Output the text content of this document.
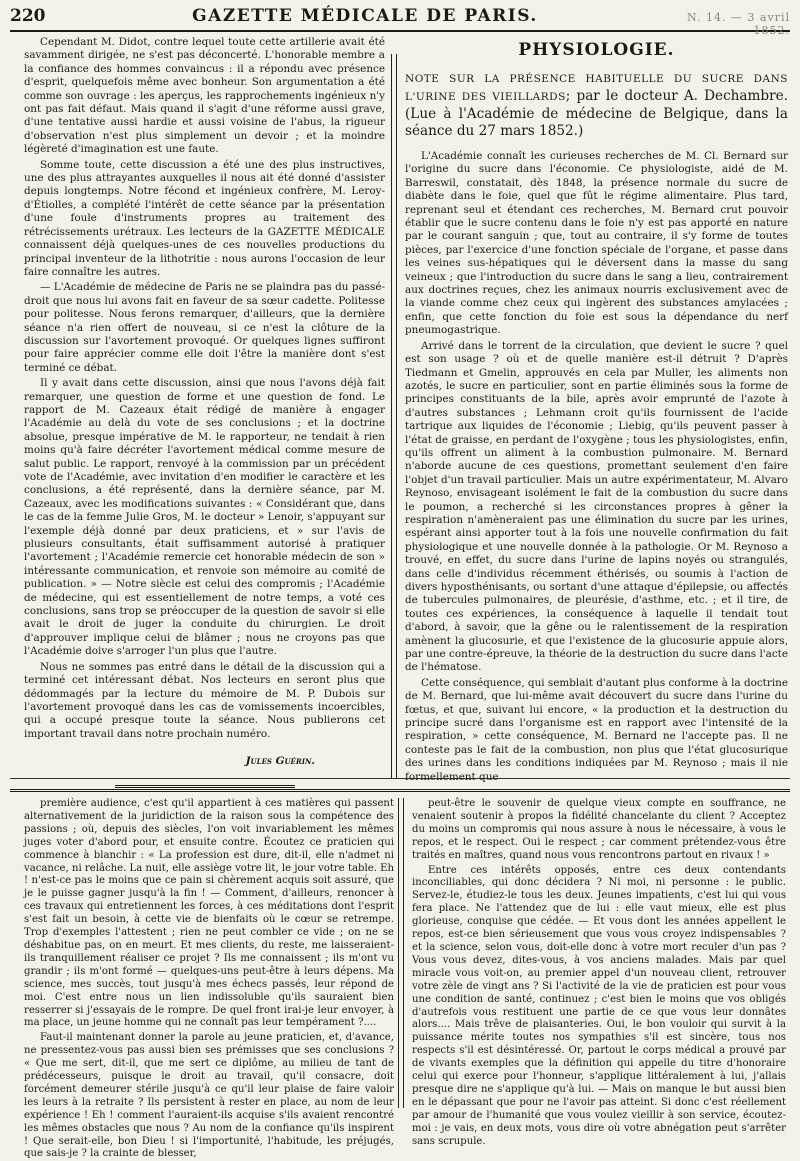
220	GAZETTE MÉDICALE DE PARIS.	N. 14. — 3 avril 1852.

Cependant M. Didot, contre lequel toute cette artillerie avait été savamment dirigée, ne s'est pas déconcerté. L'honorable membre a la confiance des hommes convaincus : il a répondu avec présence d'esprit, quelquefois même avec bonheur. Son argumentation a été comme son ouvrage : les aperçus, les rapprochements ingénieux n'y ont pas fait défaut. Mais quand il s'agit d'une réforme aussi grave, d'une tentative aussi hardie et aussi voisine de l'abus, la rigueur d'observation n'est plus simplement un devoir ; et la moindre légèreté d'imagination est une faute.

Somme toute, cette discussion a été une des plus instructives, une des plus attrayantes auxquelles il nous ait été donné d'assister depuis longtemps. Notre fécond et ingénieux confrère, M. Leroy-d'Étiolles, a complété l'intérêt de cette séance par la présentation d'une foule d'instruments propres au traitement des rétrécissements urétraux. Les lecteurs de la GAZETTE MÉDICALE connaissent déjà quelques-unes de ces nouvelles productions du principal inventeur de la lithotritie : nous aurons l'occasion de leur faire connaître les autres.

— L'Académie de médecine de Paris ne se plaindra pas du passé-droit que nous lui avons fait en faveur de sa sœur cadette. Politesse pour politesse. Nous ferons remarquer, d'ailleurs, que la dernière séance n'a rien offert de nouveau, si ce n'est la clôture de la discussion sur l'avortement provoqué. Or quelques lignes suffiront pour faire apprécier comme elle doit l'être la manière dont s'est terminé ce débat.

Il y avait dans cette discussion, ainsi que nous l'avons déjà fait remarquer, une question de forme et une question de fond. Le rapport de M. Cazeaux était rédigé de manière à engager l'Académie au delà du vote de ses conclusions ; et la doctrine absolue, presque impérative de M. le rapporteur, ne tendait à rien moins qu'à faire décréter l'avortement médical comme mesure de salut public. Le rapport, renvoyé à la commission par un précédent vote de l'Académie, avec invitation d'en modifier le caractère et les conclusions, a été représenté, dans la dernière séance, par M. Cazeaux, avec les modifications suivantes : « Considérant que, dans le cas de la femme Julie Gros, M. le docteur » Lenoir, s'appuyant sur l'exemple déjà donné par deux praticiens, et » sur l'avis de plusieurs consultants, était suffisamment autorisé à pratiquer l'avortement ; l'Académie remercie cet honorable médecin de son » intéressante communication, et renvoie son mémoire au comité de publication. » — Notre siècle est celui des compromis ; l'Académie de médecine, qui est essentiellement de notre temps, a voté ces conclusions, sans trop se préoccuper de la question de savoir si elle avait le droit de juger la conduite du chirurgien. Le droit d'approuver implique celui de blâmer ; nous ne croyons pas que l'Académie doive s'arroger l'un plus que l'autre.

Nous ne sommes pas entré dans le détail de la discussion qui a terminé cet intéressant débat. Nos lecteurs en seront plus que dédommagés par la lecture du mémoire de M. P. Dubois sur l'avortement provoqué dans les cas de vomissements incoercibles, qui a occupé presque toute la séance. Nous publierons cet important travail dans notre prochain numéro.

Jules Guérin.
PHYSIOLOGIE.
NOTE SUR LA PRÉSENCE HABITUELLE DU SUCRE DANS L'URINE DES VIEILLARDS; par le docteur A. Dechambre. (Lue à l'Académie de médecine de Belgique, dans la séance du 27 mars 1852.)

L'Académie connaît les curieuses recherches de M. Cl. Bernard sur l'origine du sucre dans l'économie. Ce physiologiste, aidé de M. Barreswil, constatait, dès 1848, la présence normale du sucre de diabète dans le foie, quel que fût le régime alimentaire. Plus tard, reprenant seul et étendant ces recherches, M. Bernard crut pouvoir établir que le sucre contenu dans le foie n'y est pas apporté en nature par le courant sanguin ; que, tout au contraire, il s'y forme de toutes pièces, par l'exercice d'une fonction spéciale de l'organe, et passe dans les veines sus-hépatiques qui le déversent dans la masse du sang veineux ; que l'introduction du sucre dans le sang a lieu, contrairement aux doctrines reçues, chez les animaux nourris exclusivement avec de la viande comme chez ceux qui ingèrent des substances amylacées ; enfin, que cette fonction du foie est sous la dépendance du nerf pneumogastrique.

Arrivé dans le torrent de la circulation, que devient le sucre ? quel est son usage ? où et de quelle manière est-il détruit ? D'après Tiedmann et Gmelin, approuvés en cela par Muller, les aliments non azotés, le sucre en particulier, sont en partie éliminés sous la forme de principes constituants de la bile, après avoir emprunté de l'azote à d'autres substances ; Lehmann croit qu'ils fournissent de l'acide tartrique aux liquides de l'économie ; Liebig, qu'ils peuvent passer à l'état de graisse, en perdant de l'oxygène ; tous les physiologistes, enfin, qu'ils offrent un aliment à la combustion pulmonaire. M. Bernard n'aborde aucune de ces questions, promettant seulement d'en faire l'objet d'un travail particulier. Mais un autre expérimentateur, M. Alvaro Reynoso, envisageant isolément le fait de la combustion du sucre dans le poumon, a recherché si les circonstances propres à gêner la respiration n'amèneraient pas une élimination du sucre par les urines, espérant ainsi apporter tout à la fois une nouvelle confirmation du fait physiologique et une nouvelle donnée à la pathologie. Or M. Reynoso a trouvé, en effet, du sucre dans l'urine de lapins noyés ou strangulés, dans celle d'individus récemment éthérisés, ou soumis à l'action de divers hyposthénisants, ou sortant d'une attaque d'épilepsie, ou affectés de tubercules pulmonaires, de pleurésie, d'asthme, etc. ; et il tire, de toutes ces expériences, la conséquence à laquelle il tendait tout d'abord, à savoir, que la gêne ou le ralentissement de la respiration amènent la glucosurie, et que l'existence de la glucosurie appuie alors, par une contre-épreuve, la théorie de la destruction du sucre dans l'acte de l'hématose.

Cette conséquence, qui semblait d'autant plus conforme à la doctrine de M. Bernard, que lui-même avait découvert du sucre dans l'urine du fœtus, et que, suivant lui encore, « la production et la destruction du principe sucré dans l'organisme est en rapport avec l'intensité de la respiration, » cette conséquence, M. Bernard ne l'accepte pas. Il ne conteste pas le fait de la combustion, non plus que l'état glucosurique des urines dans les conditions indiquées par M. Reynoso ; mais il nie formellement que

première audience, c'est qu'il appartient à ces matières qui passent alternativement de la juridiction de la raison sous la compétence des passions ; où, depuis des siècles, l'on voit invariablement les mêmes juges voter d'abord pour, et ensuite contre. Écoutez ce praticien qui commence à blanchir : « La profession est dure, dit-il, elle n'admet ni vacance, ni relâche. La nuit, elle assiège votre lit, le jour votre table. Eh ! n'est-ce pas le moins que ce pain si chèrement acquis soit assuré, que je le puisse gagner jusqu'à la fin ! — Comment, d'ailleurs, renoncer à ces travaux qui entretiennent les forces, à ces méditations dont l'esprit s'est fait un besoin, à cette vie de bienfaits où le cœur se retrempe. Trop d'exemples l'attestent ; rien ne peut combler ce vide ; on ne se déshabitue pas, on en meurt. Et mes clients, du reste, me laisseraient-ils tranquillement réaliser ce projet ? Ils me connaissent ; ils m'ont vu grandir ; ils m'ont formé — quelques-uns peut-être à leurs dépens. Ma science, mes succès, tout jusqu'à mes échecs passés, leur répond de moi. C'est entre nous un lien indissoluble qu'ils sauraient bien resserrer si j'essayais de le rompre. De quel front irai-je leur envoyer, à ma place, un jeune homme qui ne connaît pas leur tempérament ?....

Faut-il maintenant donner la parole au jeune praticien, et, d'avance, ne pressentez-vous pas aussi bien ses prémisses que ses conclusions ? « Que me sert, dit-il, que me sert ce diplôme, au milieu de tant de prédécesseurs, puisque le droit au travail, qu'il consacre, doit forcément demeurer stérile jusqu'à ce qu'il leur plaise de faire valoir les leurs à la retraite ? Ils persistent à rester en place, au nom de leur expérience ! Eh ! comment l'auraient-ils acquise s'ils avaient rencontré les mêmes obstacles que nous ? Au nom de la confiance qu'ils inspirent ! Que serait-elle, bon Dieu ! si l'importunité, l'habitude, les préjugés, que sais-je ? la crainte de blesser,

peut-être le souvenir de quelque vieux compte en souffrance, ne venaient soutenir à propos la fidélité chancelante du client ? Acceptez du moins un compromis qui nous assure à nous le nécessaire, à vous le repos, et le respect. Oui le respect ; car comment prétendez-vous être traités en maîtres, quand nous vous rencontrons partout en rivaux ! »

Entre ces intérêts opposés, entre ces deux contendants inconciliables, qui donc décidera ? Ni moi, ni personne : le public. Servez-le, étudiez-le tous les deux. Jeunes impatients, c'est lui qui vous fera place. Ne l'attendez que de lui : elle vaut mieux, elle est plus glorieuse, conquise que cédée. — Et vous dont les années appellent le repos, est-ce bien sérieusement que vous vous croyez indispensables ? et la science, selon vous, doit-elle donc à votre mort reculer d'un pas ? Vous vous devez, dites-vous, à vos anciens malades. Mais par quel miracle vous voit-on, au premier appel d'un nouveau client, retrouver votre zèle de vingt ans ? Si l'activité de la vie de praticien est pour vous une condition de santé, continuez ; c'est bien le moins que vos obligés d'autrefois vous restituent une partie de ce que vous leur donnâtes alors.... Mais trêve de plaisanteries. Oui, le bon vouloir qui survit à la puissance mérite toutes nos sympathies s'il est sincère, tous nos respects s'il est désintéressé. Or, partout le corps médical a prouvé par de vivants exemples que la définition qui appelle du titre d'honoraire celui qui exerce pour l'honneur, s'applique littéralement à lui, j'allais presque dire ne s'applique qu'à lui. — Mais on manque le but aussi bien en le dépassant que pour ne l'avoir pas atteint. Si donc c'est réellement par amour de l'humanité que vous voulez vieillir à son service, écoutez-moi : je vais, en deux mots, vous dire où votre abnégation peut s'arrêter sans scrupule.
